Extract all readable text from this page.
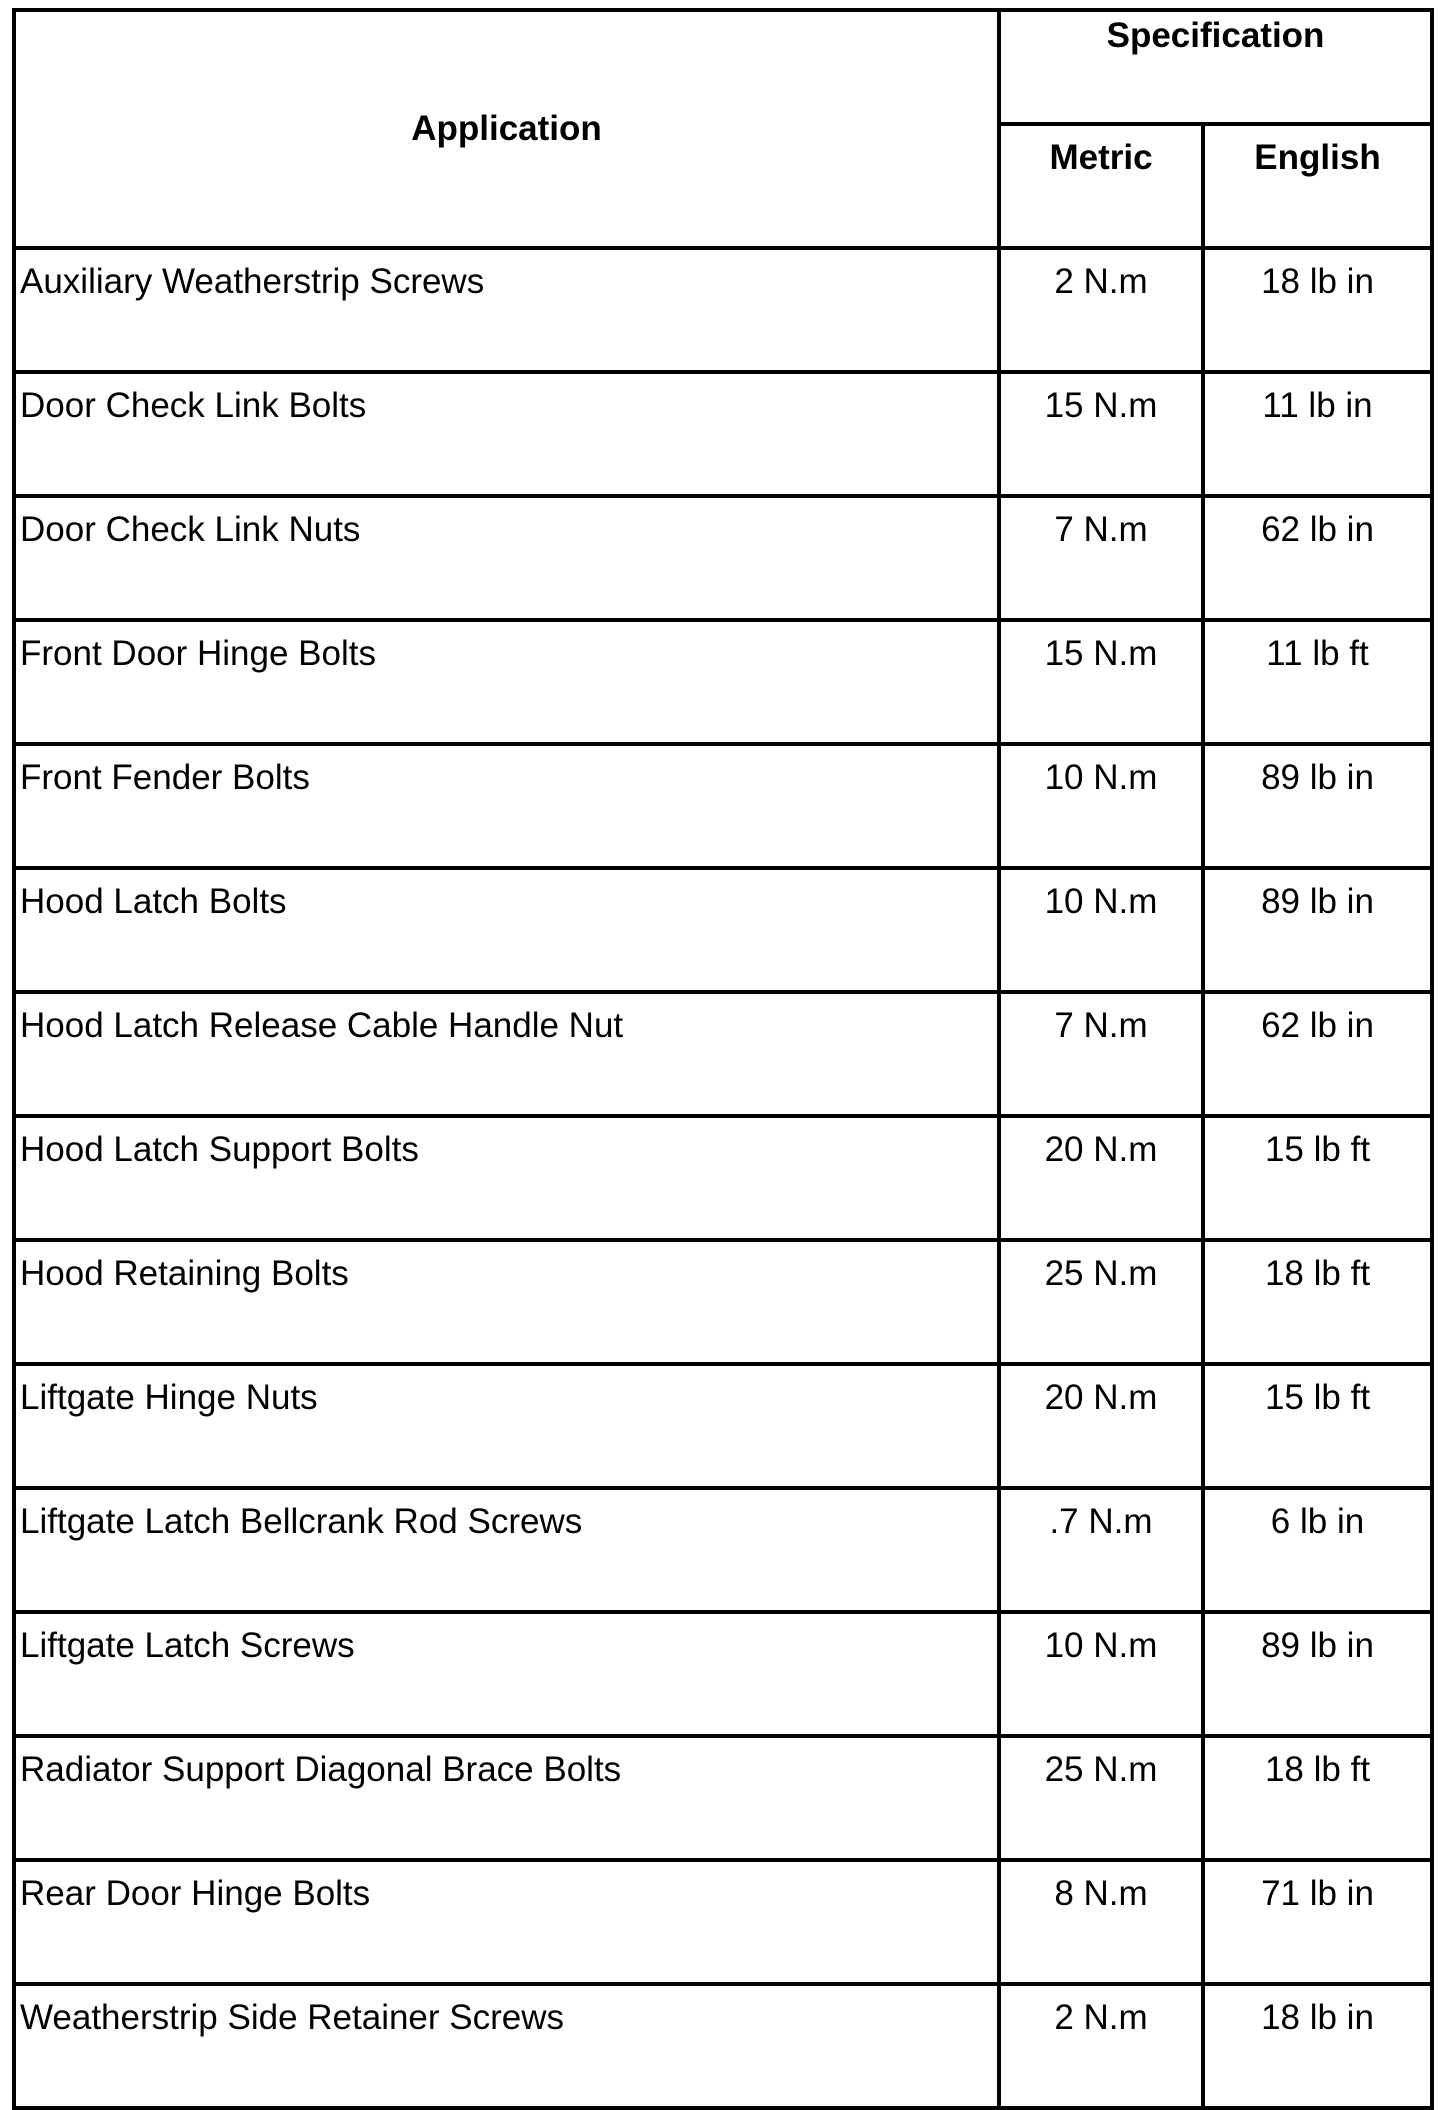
Application	Specification	
	Metric	English
Auxiliary Weatherstrip Screws	2 N.m	18 lb in
Door Check Link Bolts	15 N.m	11 lb in
Door Check Link Nuts	7 N.m	62 lb in
Front Door Hinge Bolts	15 N.m	11 lb ft
Front Fender Bolts	10 N.m	89 lb in
Hood Latch Bolts	10 N.m	89 lb in
Hood Latch Release Cable Handle Nut	7 N.m	62 lb in
Hood Latch Support Bolts	20 N.m	15 lb ft
Hood Retaining Bolts	25 N.m	18 lb ft
Liftgate Hinge Nuts	20 N.m	15 lb ft
Liftgate Latch Bellcrank Rod Screws	.7 N.m	6 lb in
Liftgate Latch Screws	10 N.m	89 lb in
Radiator Support Diagonal Brace Bolts	25 N.m	18 lb ft
Rear Door Hinge Bolts	8 N.m	71 lb in
Weatherstrip Side Retainer Screws	2 N.m	18 lb in
